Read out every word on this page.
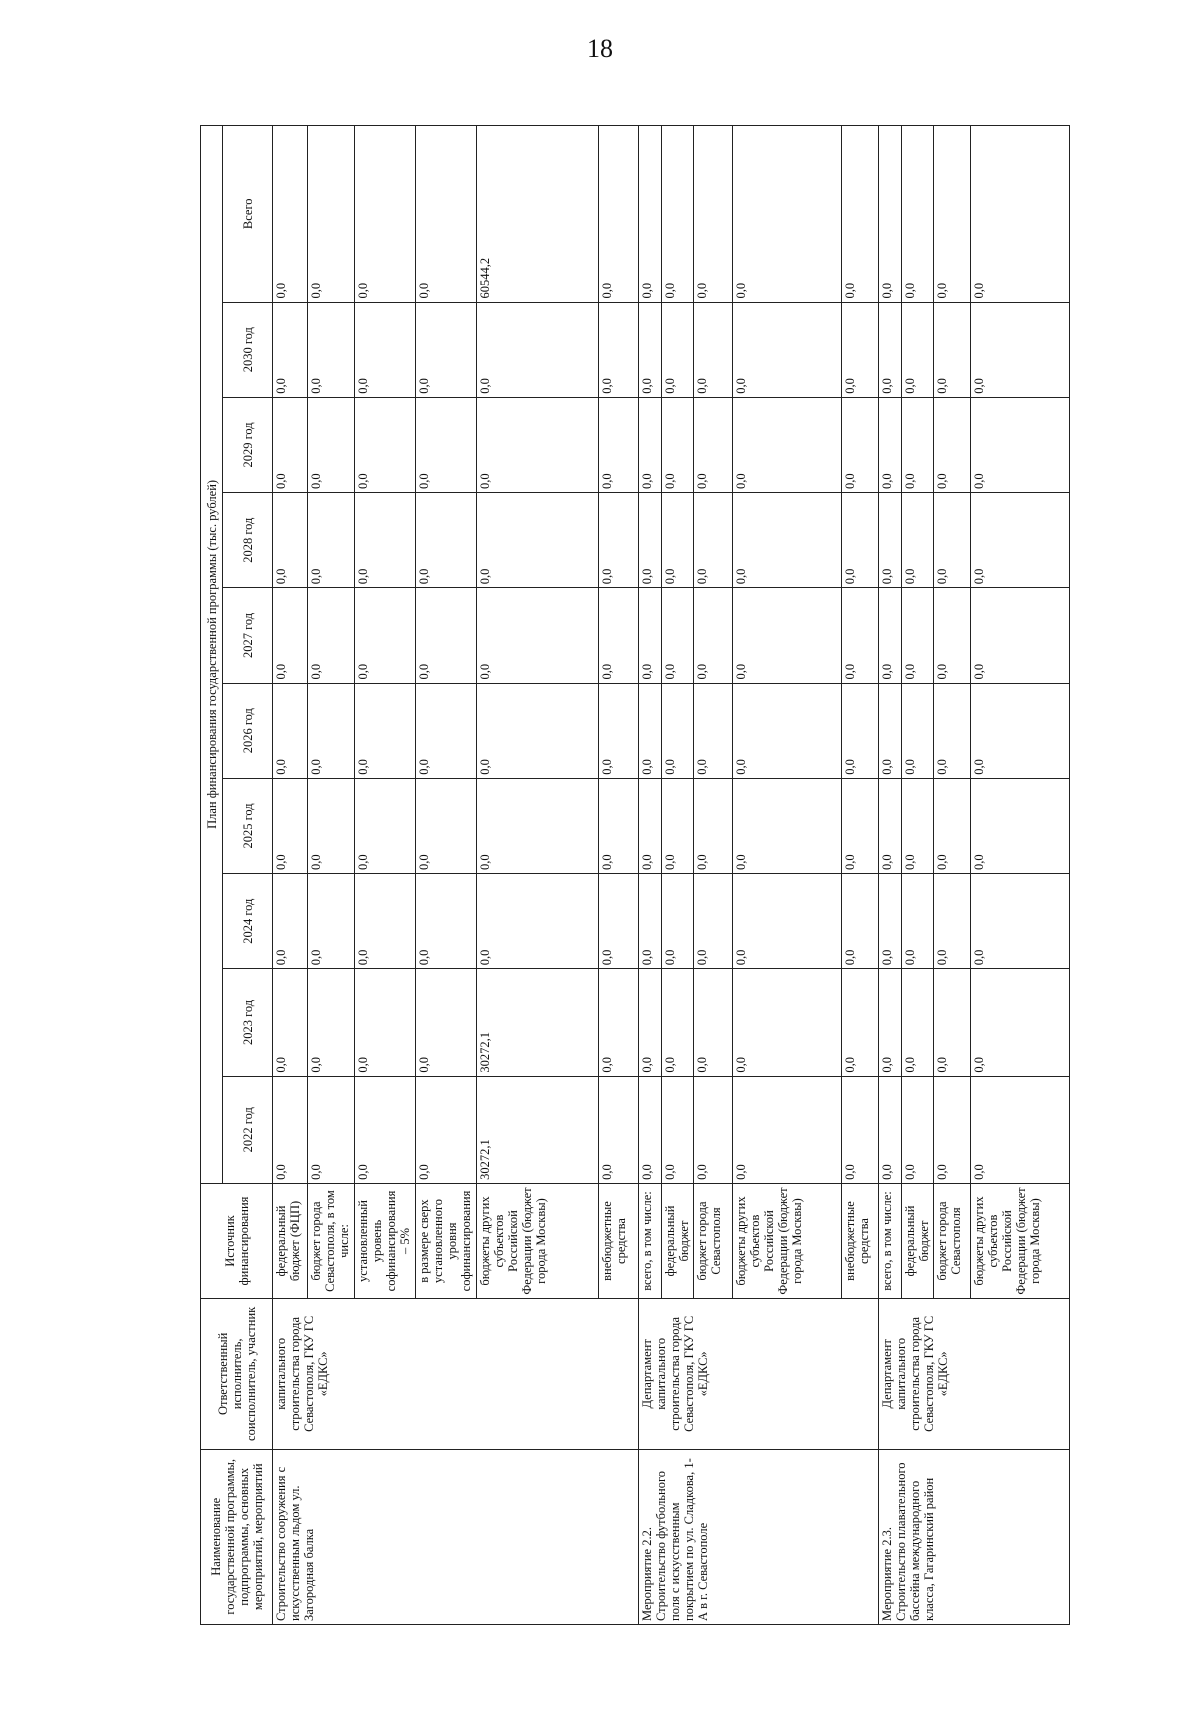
18
Наименование государственной программы, подпрограммы, основных мероприятий, мероприятий	Ответственный исполнитель, соисполнитель, участник	Источник финансирования	План финансирования государственной программы (тыс. рублей)									
			2022 год	2023 год	2024 год	2025 год	2026 год	2027 год	2028 год	2029 год	2030 год	Всего
Строительство сооружения с искусственным льдом ул. Загородная балка	капитального строительства города Севастополя, ГКУ ГС «ЕДКС»	федеральный бюджет (ФЦП)	0,0	0,0	0,0	0,0	0,0	0,0	0,0	0,0	0,0	0,0
		бюджет города Севастополя, в том числе:	0,0	0,0	0,0	0,0	0,0	0,0	0,0	0,0	0,0	0,0
		установленный уровень софинансирования – 5%	0,0	0,0	0,0	0,0	0,0	0,0	0,0	0,0	0,0	0,0
		в размере сверх установленного уровня софинансирования	0,0	0,0	0,0	0,0	0,0	0,0	0,0	0,0	0,0	0,0
		бюджеты других субъектов Российской Федерации (бюджет города Москвы)	30272,1	30272,1	0,0	0,0	0,0	0,0	0,0	0,0	0,0	60544,2
		внебюджетные средства	0,0	0,0	0,0	0,0	0,0	0,0	0,0	0,0	0,0	0,0
Мероприятие 2.2. Строительство футбольного поля с искусственным покрытием по ул. Сладкова, 1-А в г. Севастополе	Департамент капитального строительства города Севастополя, ГКУ ГС «ЕДКС»	всего, в том числе:	0,0	0,0	0,0	0,0	0,0	0,0	0,0	0,0	0,0	0,0
		федеральный бюджет	0,0	0,0	0,0	0,0	0,0	0,0	0,0	0,0	0,0	0,0
		бюджет города Севастополя	0,0	0,0	0,0	0,0	0,0	0,0	0,0	0,0	0,0	0,0
		бюджеты других субъектов Российской Федерации (бюджет города Москвы)	0,0	0,0	0,0	0,0	0,0	0,0	0,0	0,0	0,0	0,0
		внебюджетные средства	0,0	0,0	0,0	0,0	0,0	0,0	0,0	0,0	0,0	0,0
Мероприятие 2.3. Строительство плавательного бассейна международного класса, Гагаринский район	Департамент капитального строительства города Севастополя, ГКУ ГС «ЕДКС»	всего, в том числе:	0,0	0,0	0,0	0,0	0,0	0,0	0,0	0,0	0,0	0,0
		федеральный бюджет	0,0	0,0	0,0	0,0	0,0	0,0	0,0	0,0	0,0	0,0
		бюджет города Севастополя	0,0	0,0	0,0	0,0	0,0	0,0	0,0	0,0	0,0	0,0
		бюджеты других субъектов Российской Федерации (бюджет города Москвы)	0,0	0,0	0,0	0,0	0,0	0,0	0,0	0,0	0,0	0,0
